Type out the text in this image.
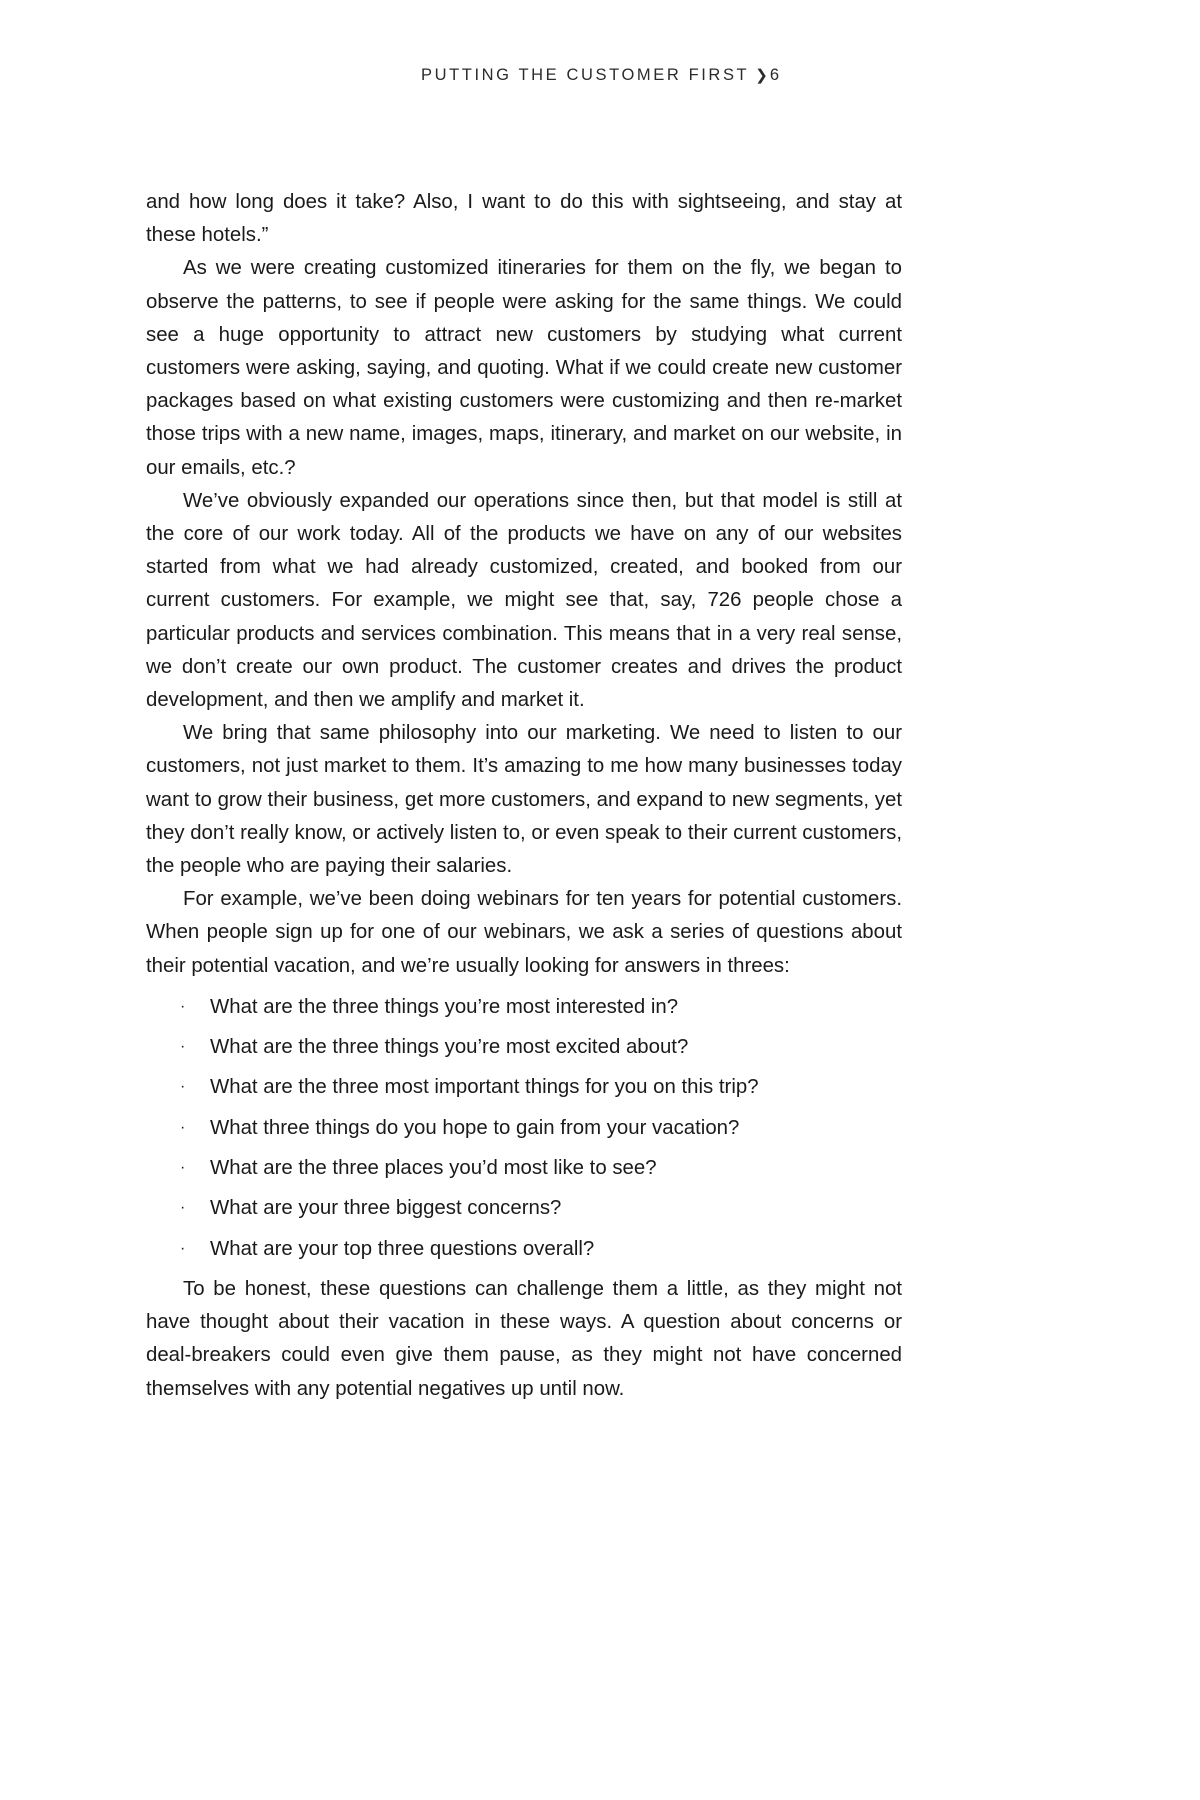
PUTTING THE CUSTOMER FIRST ❯ 6

and how long does it take? Also, I want to do this with sightseeing, and stay at these hotels.”

As we were creating customized itineraries for them on the fly, we began to observe the patterns, to see if people were asking for the same things. We could see a huge opportunity to attract new customers by studying what current customers were asking, saying, and quoting. What if we could create new customer packages based on what existing customers were customizing and then re-market those trips with a new name, images, maps, itinerary, and market on our website, in our emails, etc.?

We’ve obviously expanded our operations since then, but that model is still at the core of our work today. All of the products we have on any of our websites started from what we had already customized, created, and booked from our current customers. For example, we might see that, say, 726 people chose a particular products and services combination. This means that in a very real sense, we don’t create our own product. The customer creates and drives the product development, and then we amplify and market it.

We bring that same philosophy into our marketing. We need to listen to our customers, not just market to them. It’s amazing to me how many businesses today want to grow their business, get more customers, and expand to new segments, yet they don’t really know, or actively listen to, or even speak to their current customers, the people who are paying their salaries.

For example, we’ve been doing webinars for ten years for potential customers. When people sign up for one of our webinars, we ask a series of questions about their potential vacation, and we’re usually looking for answers in threes:

· What are the three things you’re most interested in?
· What are the three things you’re most excited about?
· What are the three most important things for you on this trip?
· What three things do you hope to gain from your vacation?
· What are the three places you’d most like to see?
· What are your three biggest concerns?
· What are your top three questions overall?

To be honest, these questions can challenge them a little, as they might not have thought about their vacation in these ways. A question about concerns or deal-breakers could even give them pause, as they might not have concerned themselves with any potential negatives up until now.
